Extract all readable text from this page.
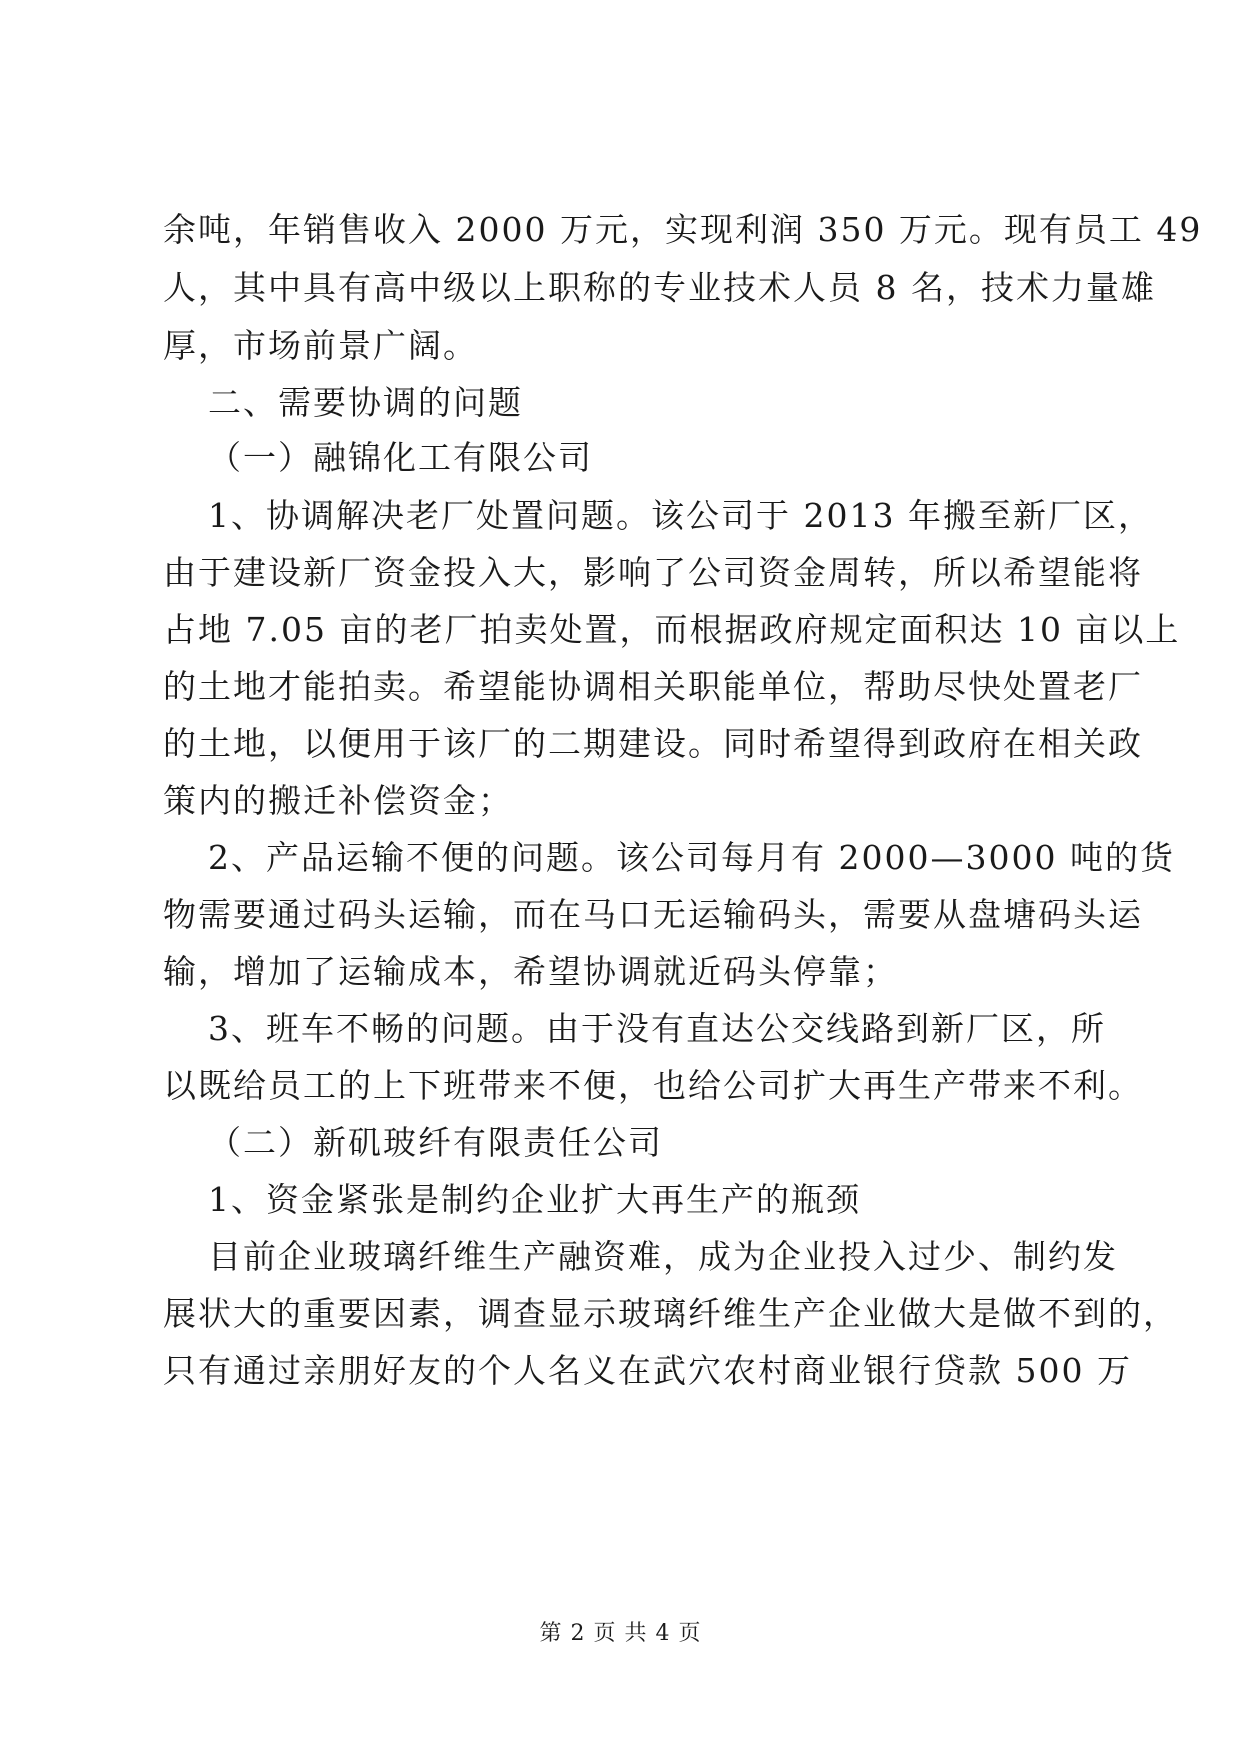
余吨，年销售收入 2000 万元，实现利润 350 万元。现有员工 49
人，其中具有高中级以上职称的专业技术人员 8 名，技术力量雄
厚，市场前景广阔。
二、需要协调的问题
（一）融锦化工有限公司
1、协调解决老厂处置问题。该公司于 2013 年搬至新厂区，
由于建设新厂资金投入大，影响了公司资金周转，所以希望能将
占地 7.05 亩的老厂拍卖处置，而根据政府规定面积达 10 亩以上
的土地才能拍卖。希望能协调相关职能单位，帮助尽快处置老厂
的土地，以便用于该厂的二期建设。同时希望得到政府在相关政
策内的搬迁补偿资金；
2、产品运输不便的问题。该公司每月有 2000—3000 吨的货
物需要通过码头运输，而在马口无运输码头，需要从盘塘码头运
输，增加了运输成本，希望协调就近码头停靠；
3、班车不畅的问题。由于没有直达公交线路到新厂区，所
以既给员工的上下班带来不便，也给公司扩大再生产带来不利。
（二）新矶玻纤有限责任公司
1、资金紧张是制约企业扩大再生产的瓶颈
目前企业玻璃纤维生产融资难，成为企业投入过少、制约发
展状大的重要因素，调查显示玻璃纤维生产企业做大是做不到的，
只有通过亲朋好友的个人名义在武穴农村商业银行贷款 500 万
第 2 页 共 4 页
